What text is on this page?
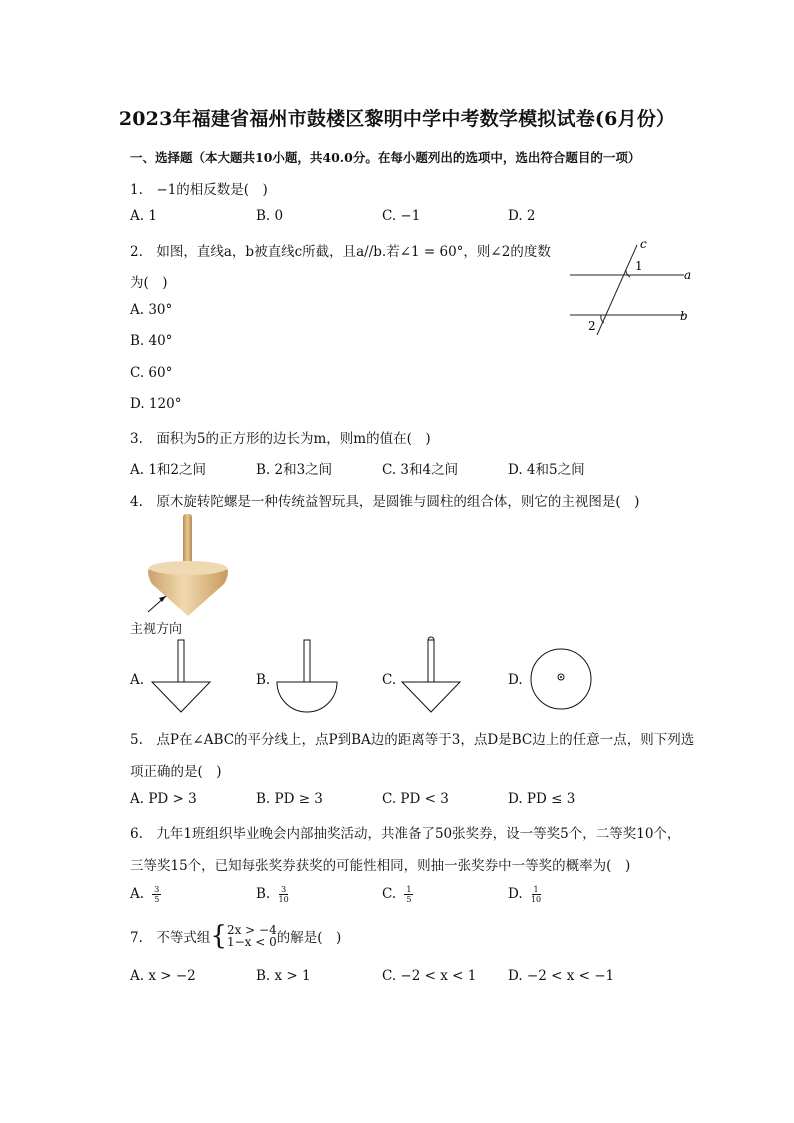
2023年福建省福州市鼓楼区黎明中学中考数学模拟试卷(6月份）
一、选择题（本大题共10小题，共40.0分。在每小题列出的选项中，选出符合题目的一项）
1.　−1的相反数是(　)
A. 1	B. 0	C. −1	D. 2
2.　如图，直线a，b被直线c所截，且a//b.若∠1 = 60°，则∠2的度数
为(　)
A. 30°
B. 40°
C. 60°
D. 120°
c
1
a
2
b
3.　面积为5的正方形的边长为m，则m的值在(　)
A. 1和2之间	B. 2和3之间	C. 3和4之间	D. 4和5之间
4.　原木旋转陀螺是一种传统益智玩具，是圆锥与圆柱的组合体，则它的主视图是(　)
主视方向
A.	B.	C.	D.
5.　点P在∠ABC的平分线上，点P到BA边的距离等于3，点D是BC边上的任意一点，则下列选
项正确的是(　)
A. PD > 3	B. PD ≥ 3	C. PD < 3	D. PD ≤ 3
6.　九年1班组织毕业晚会内部抽奖活动，共准备了50张奖券，设一等奖5个，二等奖10个，
三等奖15个，已知每张奖券获奖的可能性相同，则抽一张奖券中一等奖的概率为(　)
A. $\frac{3}{5}$	B. $\frac{3}{10}$	C. $\frac{1}{5}$	D. $\frac{1}{10}$
7.　不等式组{ 2x > −4
1−x < 0 的解是(　)
A. x > −2	B. x > 1	C. −2 < x < 1 D. −2 < x < −1
